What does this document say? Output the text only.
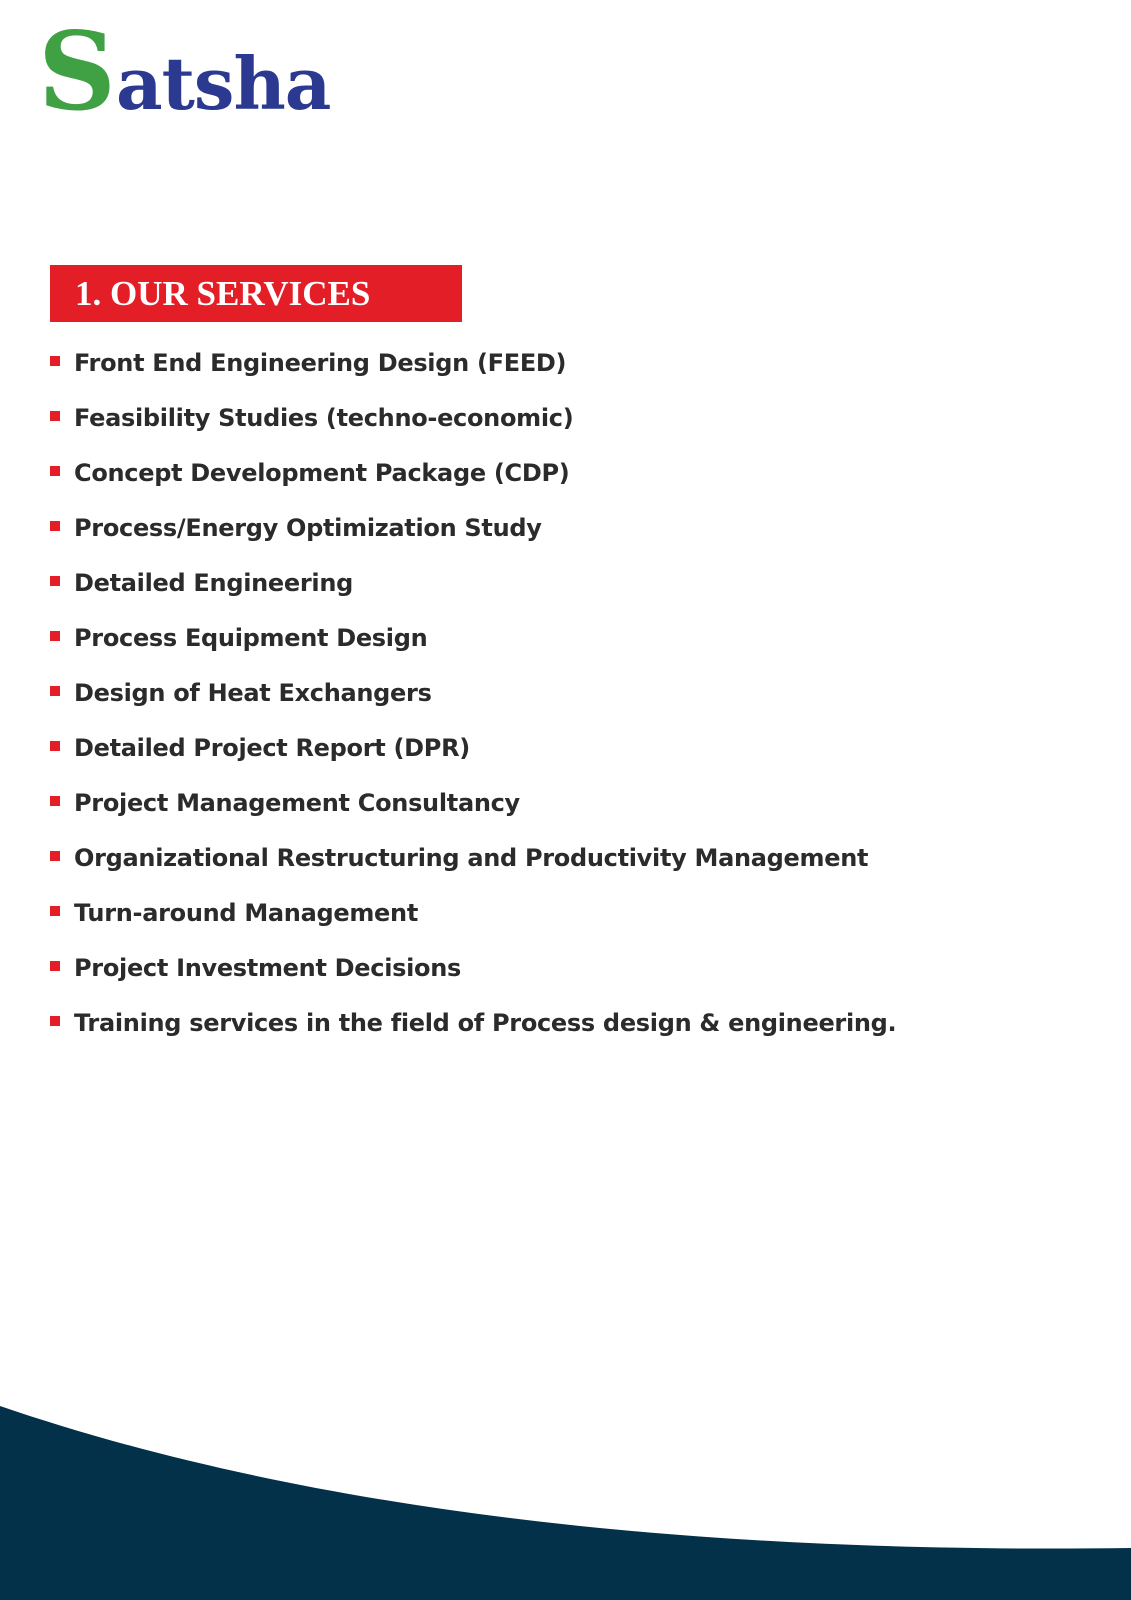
Satsha
1. OUR SERVICES
Front End Engineering Design (FEED)
Feasibility Studies (techno-economic)
Concept Development Package (CDP)
Process/Energy Optimization Study
Detailed Engineering
Process Equipment Design
Design of Heat Exchangers
Detailed Project Report (DPR)
Project Management Consultancy
Organizational Restructuring and Productivity Management
Turn-around Management
Project Investment Decisions
Training services in the field of Process design & engineering.
